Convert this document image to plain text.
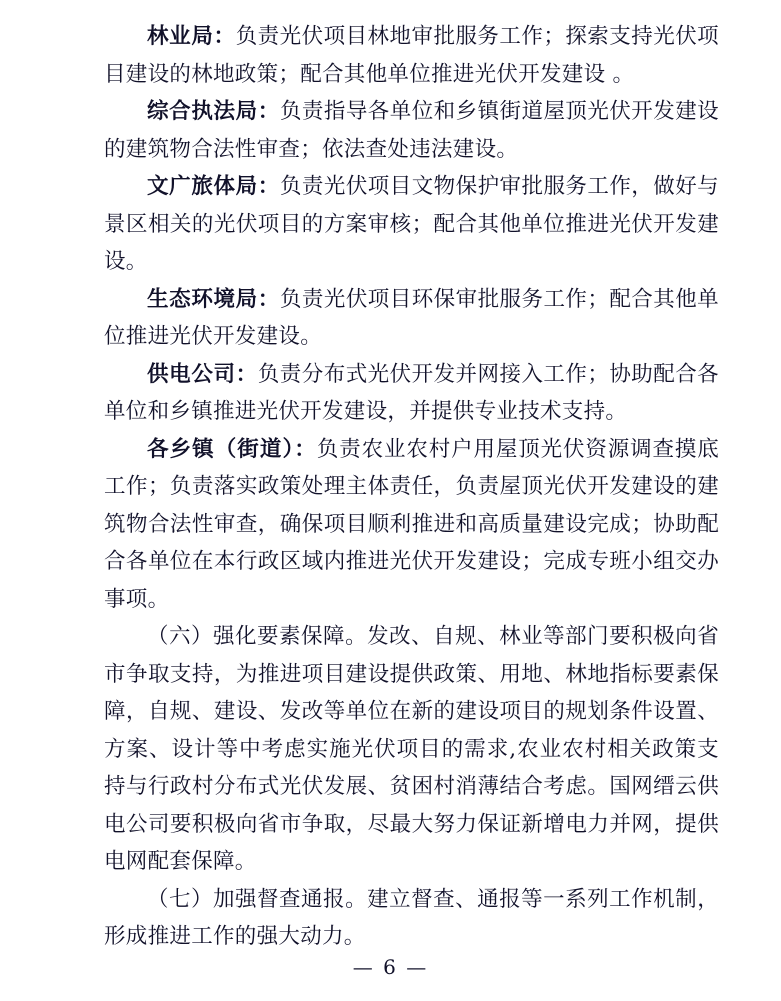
林业局：负责光伏项目林地审批服务工作；探索支持光伏项目建设的林地政策；配合其他单位推进光伏开发建设 。

综合执法局：负责指导各单位和乡镇街道屋顶光伏开发建设的建筑物合法性审查；依法查处违法建设。

文广旅体局：负责光伏项目文物保护审批服务工作，做好与景区相关的光伏项目的方案审核；配合其他单位推进光伏开发建设。

生态环境局：负责光伏项目环保审批服务工作；配合其他单位推进光伏开发建设。

供电公司：负责分布式光伏开发并网接入工作；协助配合各单位和乡镇推进光伏开发建设，并提供专业技术支持。

各乡镇（街道）：负责农业农村户用屋顶光伏资源调查摸底工作；负责落实政策处理主体责任，负责屋顶光伏开发建设的建筑物合法性审查，确保项目顺利推进和高质量建设完成；协助配合各单位在本行政区域内推进光伏开发建设；完成专班小组交办事项。

（六）强化要素保障。发改、自规、林业等部门要积极向省市争取支持，为推进项目建设提供政策、用地、林地指标要素保障，自规、建设、发改等单位在新的建设项目的规划条件设置、方案、设计等中考虑实施光伏项目的需求,农业农村相关政策支持与行政村分布式光伏发展、贫困村消薄结合考虑。国网缙云供电公司要积极向省市争取，尽最大努力保证新增电力并网，提供电网配套保障。

（七）加强督查通报。建立督查、通报等一系列工作机制，形成推进工作的强大动力。

— 6 —
